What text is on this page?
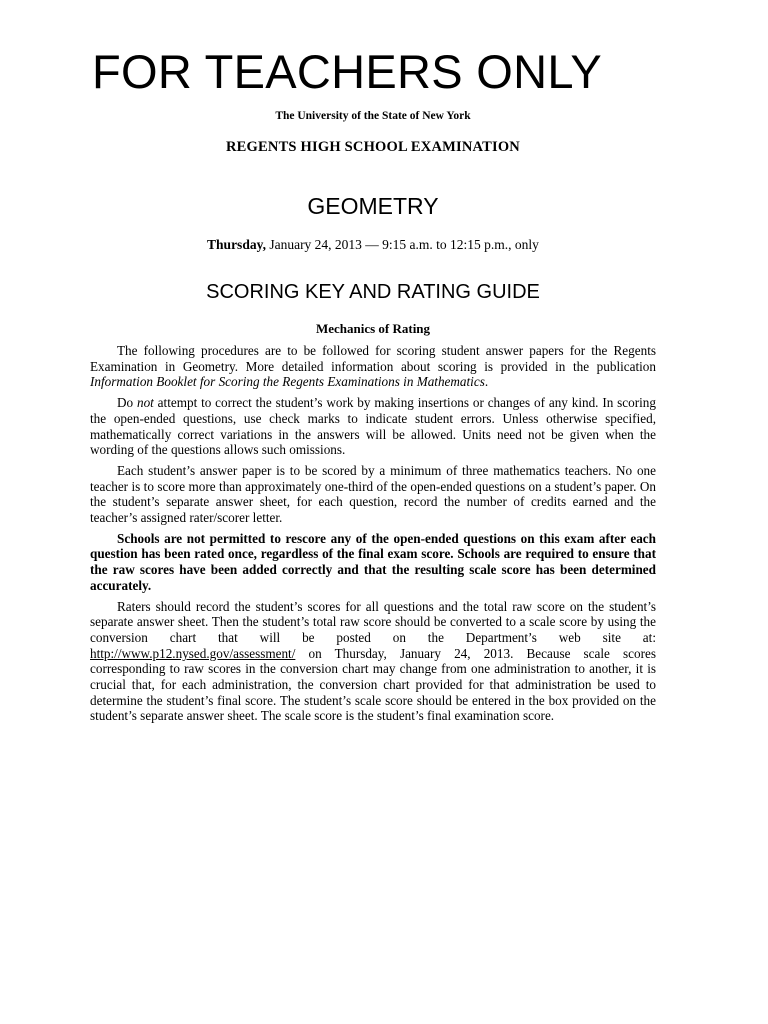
FOR TEACHERS ONLY
The University of the State of New York
REGENTS HIGH SCHOOL EXAMINATION
GEOMETRY
Thursday, January 24, 2013 — 9:15 a.m. to 12:15 p.m., only
SCORING KEY AND RATING GUIDE
Mechanics of Rating

The following procedures are to be followed for scoring student answer papers for the Regents Examination in Geometry. More detailed information about scoring is provided in the publication Information Booklet for Scoring the Regents Examinations in Mathematics.

Do not attempt to correct the student’s work by making insertions or changes of any kind. In scoring the open-ended questions, use check marks to indicate student errors. Unless otherwise specified, mathematically correct variations in the answers will be allowed. Units need not be given when the wording of the questions allows such omissions.

Each student’s answer paper is to be scored by a minimum of three mathematics teachers. No one teacher is to score more than approximately one-third of the open-ended questions on a student’s paper. On the student’s separate answer sheet, for each question, record the number of credits earned and the teacher’s assigned rater/scorer letter.

Schools are not permitted to rescore any of the open-ended questions on this exam after each question has been rated once, regardless of the final exam score. Schools are required to ensure that the raw scores have been added correctly and that the resulting scale score has been determined accurately.

Raters should record the student’s scores for all questions and the total raw score on the student’s separate answer sheet. Then the student’s total raw score should be converted to a scale score by using the conversion chart that will be posted on the Department’s web site at: http://www.p12.nysed.gov/assessment/ on Thursday, January 24, 2013. Because scale scores corresponding to raw scores in the conversion chart may change from one administration to another, it is crucial that, for each administration, the conversion chart provided for that administration be used to determine the student’s final score. The student’s scale score should be entered in the box provided on the student’s separate answer sheet. The scale score is the student’s final examination score.
